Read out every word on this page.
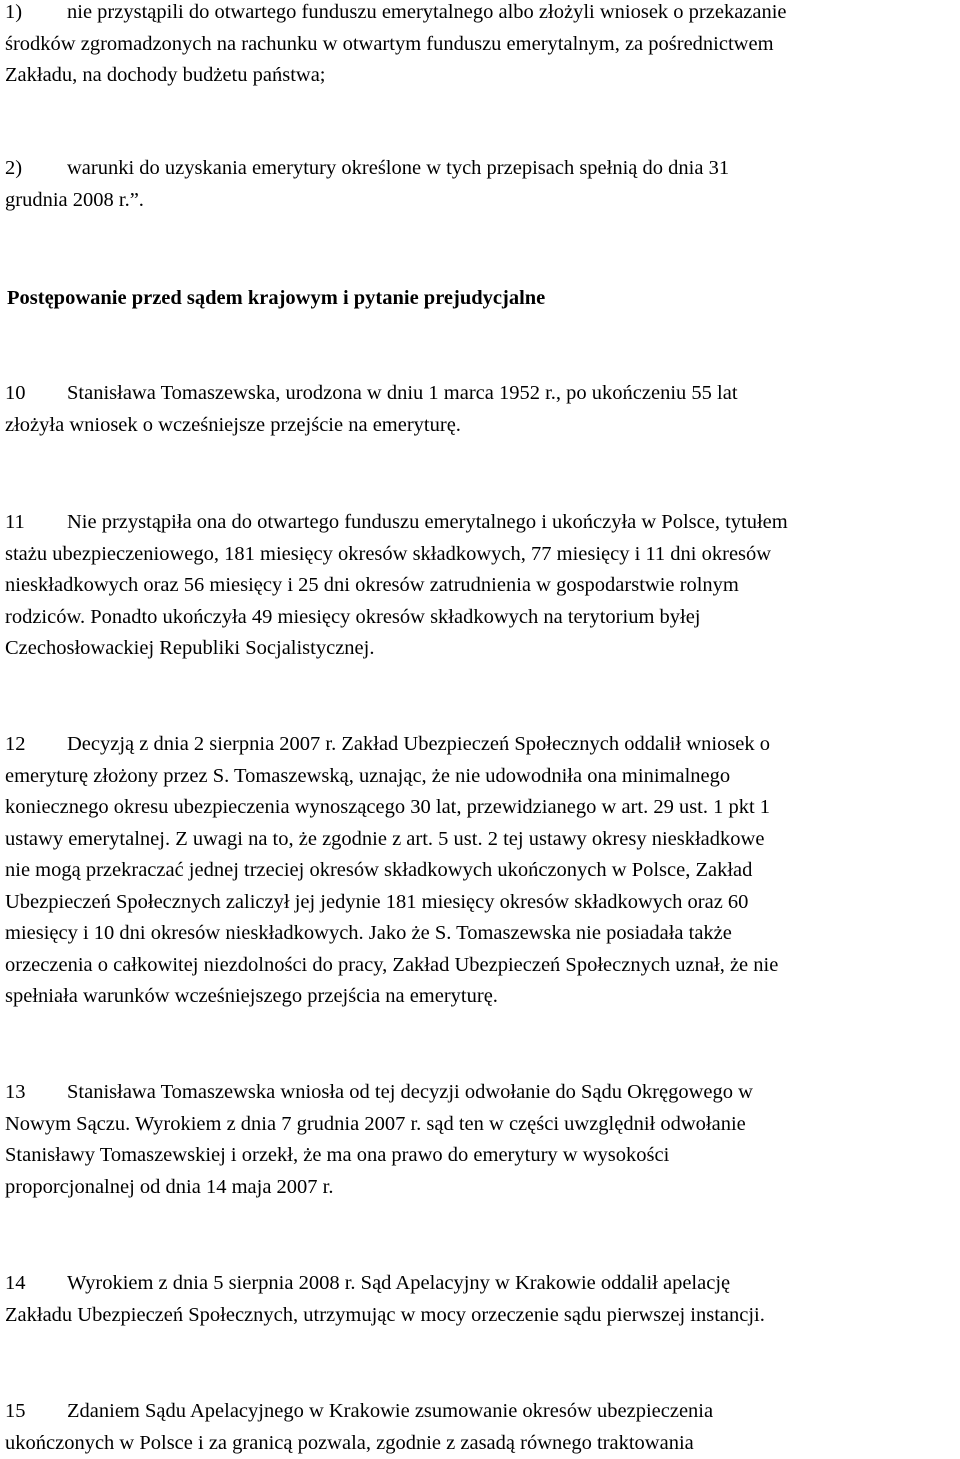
1) nie przystąpili do otwartego funduszu emerytalnego albo złożyli wniosek o przekazanie
środków zgromadzonych na rachunku w otwartym funduszu emerytalnym, za pośrednictwem
Zakładu, na dochody budżetu państwa;
2) warunki do uzyskania emerytury określone w tych przepisach spełnią do dnia 31
grudnia 2008 r.”.
Postępowanie przed sądem krajowym i pytanie prejudycjalne
10 Stanisława Tomaszewska, urodzona w dniu 1 marca 1952 r., po ukończeniu 55 lat
złożyła wniosek o wcześniejsze przejście na emeryturę.
11 Nie przystąpiła ona do otwartego funduszu emerytalnego i ukończyła w Polsce, tytułem
stażu ubezpieczeniowego, 181 miesięcy okresów składkowych, 77 miesięcy i 11 dni okresów
nieskładkowych oraz 56 miesięcy i 25 dni okresów zatrudnienia w gospodarstwie rolnym
rodziców. Ponadto ukończyła 49 miesięcy okresów składkowych na terytorium byłej
Czechosłowackiej Republiki Socjalistycznej.
12 Decyzją z dnia 2 sierpnia 2007 r. Zakład Ubezpieczeń Społecznych oddalił wniosek o
emeryturę złożony przez S. Tomaszewską, uznając, że nie udowodniła ona minimalnego
koniecznego okresu ubezpieczenia wynoszącego 30 lat, przewidzianego w art. 29 ust. 1 pkt 1
ustawy emerytalnej. Z uwagi na to, że zgodnie z art. 5 ust. 2 tej ustawy okresy nieskładkowe
nie mogą przekraczać jednej trzeciej okresów składkowych ukończonych w Polsce, Zakład
Ubezpieczeń Społecznych zaliczył jej jedynie 181 miesięcy okresów składkowych oraz 60
miesięcy i 10 dni okresów nieskładkowych. Jako że S. Tomaszewska nie posiadała także
orzeczenia o całkowitej niezdolności do pracy, Zakład Ubezpieczeń Społecznych uznał, że nie
spełniała warunków wcześniejszego przejścia na emeryturę.
13 Stanisława Tomaszewska wniosła od tej decyzji odwołanie do Sądu Okręgowego w
Nowym Sączu. Wyrokiem z dnia 7 grudnia 2007 r. sąd ten w części uwzględnił odwołanie
Stanisławy Tomaszewskiej i orzekł, że ma ona prawo do emerytury w wysokości
proporcjonalnej od dnia 14 maja 2007 r.
14 Wyrokiem z dnia 5 sierpnia 2008 r. Sąd Apelacyjny w Krakowie oddalił apelację
Zakładu Ubezpieczeń Społecznych, utrzymując w mocy orzeczenie sądu pierwszej instancji.
15 Zdaniem Sądu Apelacyjnego w Krakowie zsumowanie okresów ubezpieczenia
ukończonych w Polsce i za granicą pozwala, zgodnie z zasadą równego traktowania
